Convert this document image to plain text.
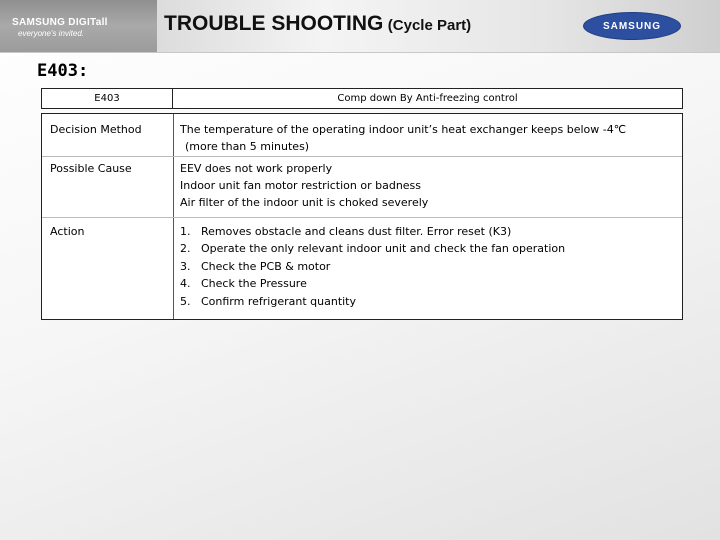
SAMSUNG DIGITall
everyone's invited.	TROUBLE SHOOTING (Cycle Part)	SAMSUNG
E403:
E403	Comp down By Anti-freezing control
Decision Method	The temperature of the operating indoor unit’s heat exchanger keeps below -4℃
(more than 5 minutes)
Possible Cause	EEV does not work properly
Indoor unit fan motor restriction or badness
Air filter of the indoor unit is choked severely
Action	1. Removes obstacle and cleans dust filter. Error reset (K3)
2. Operate the only relevant indoor unit and check the fan operation
3. Check the PCB & motor
4. Check the Pressure
5. Confirm refrigerant quantity
